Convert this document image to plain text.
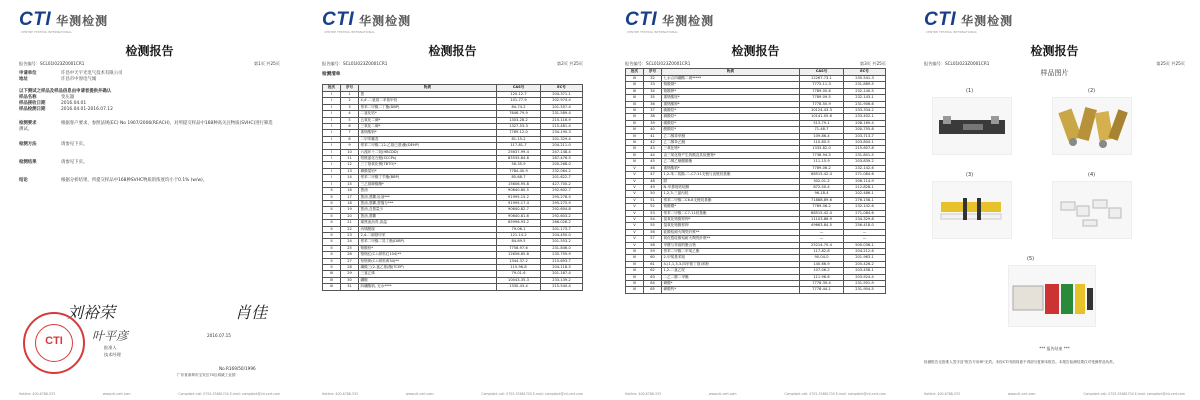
CTI 华测检测
CENTRE TESTING INTERNATIONAL
检测报告
报告编号：SCL01I023Z0001CR1	第1页 共25页
申请单位	许昌中天宇光电气技术有限公司
地址	许昌市中原电气城
以下测试之样品及样品信息由申请者提供并确认
样品名称	变压器
样品接收日期	2016.04.01
样品检测日期	2016.04.01-2016.07.12
检测要求	根据客户要求，参照法规(EC) No 1907/2006(REACH)，对所提交样品中168种高关注物质(SVHC)进行筛选测试。
检测方法	请参见下页。
检测结果	请参见下页。
结论	根据分析结果，所提交样品中168种SVHC物质的浓度均小于0.1% (w/w)。
刘裕荣	肖佳
CTI	叶平彦	2016.07.15
批准人
技术经理
No.R169/50/1996
广东省深圳市宝安区70区鸿威工业园
Hotline: 400-6788-333	www.cti-cert.com	Complaint call: 0755-33681700 E-mail: complaint@cti-cert.com
CTI 华测检测
CENTRE TESTING INTERNATIONAL
检测报告
报告编号：SCL01I023Z0001CR1	第2页 共25页
检测清单
批次	序号	物质	CAS号	EC号
I	1	蒽	120-12-7	204-371-1
I	2	4,4'-二氨基二苯基甲烷	101-77-9	202-974-4
I	3	邻苯二甲酸二丁酯(DBP)	84-74-2	201-557-4
I	4	二氯化钴*	7646-79-9	231-589-4
I	5	五氧化二砷*	1303-28-2	215-116-9
I	6	三氧化二砷*	1327-53-3	215-481-4
I	7	重铬酸钠*	7789-12-0	234-190-3
I	8	二甲苯麝香	81-15-2	201-329-4
I	9	邻苯二甲酸二(2-乙基己基)酯(DEHP)	117-81-7	204-211-0
I	10	六溴环十二烷(HBCDD)	25637-99-4	247-148-4
I	11	短链氯化石蜡(SCCPs)	85535-84-8	287-476-5
I	12	三丁基氧化锡(TBTO)*	56-35-9	200-268-0
I	13	砷酸氢铅*	7784-40-9	232-064-2
I	14	邻苯二甲酸丁苄酯(BBP)	85-68-7	201-622-7
I	15	三乙基砷酸酯*	15606-95-8	427-700-2
II	16	蒽油	90640-80-5	292-602-7
II	17	蒽油,蒽糊,轻油***	91995-15-2	295-278-5
II	18	蒽油,蒽糊,蒽馏分***	91995-17-4	295-275-9
II	19	蒽油,含蒽量少	90640-82-7	292-604-8
II	20	蒽油,蒽糊	90640-81-6	292-603-2
II	21	煤焦油沥青,高温	65996-93-2	266-028-2
II	22	丙烯酰胺	79-06-1	201-173-7
II	23	2,4-二硝基甲苯	121-14-2	204-450-0
II	24	邻苯二甲酸二异丁酯(DIBP)	84-69-5	201-553-2
II	25	铬酸铅*	7758-97-6	231-846-0
II	26	钼铬红(C.I.颜料红104)**	12656-85-8	235-759-9
II	27	铅铬黄(C.I.颜料黄34)**	1344-37-2	215-693-7
II	28	磷酸三(2-氯乙基)酯(TCEP)	115-96-8	204-118-5
III	29	三氯乙烯	79-01-6	201-167-4
III	30	硼酸	10043-35-3	233-139-2
III	31	四硼酸钠, 无水****	1330-43-4	215-540-4
Hotline: 400-6788-333	www.cti-cert.com	Complaint call: 0755-33681700 E-mail: complaint@cti-cert.com
CTI 华测检测
CENTRE TESTING INTERNATIONAL
检测报告
报告编号：SCL01I023Z0001CR1	第3页 共25页
批次	序号	物质	CAS号	EC号
III	32	七水合四硼酸二钠*****	12267-73-1	235-541-3
III	33	铬酸钠*	7775-11-3	231-889-5
III	34	铬酸钾*	7789-00-6	232-140-5
III	35	重铬酸铵*	7789-09-5	232-143-1
III	36	重铬酸钾*	7778-50-9	231-906-6
IV	37	硫酸钴*	10124-43-3	233-334-2
IV	38	硝酸钴*	10141-05-6	233-402-1
IV	39	碳酸钴*	513-79-1	208-169-4
IV	40	醋酸钴*	71-48-7	200-755-8
IV	41	乙二醇单甲醚	109-86-4	203-713-7
IV	42	乙二醇单乙醚	110-80-5	203-804-1
IV	43	三氧化铬*	1333-82-0	215-607-8
IV	44	由三氧化铬产生的酸及其低聚物*	7738-94-5	231-801-5
IV	45	乙二醇乙醚醋酸酯	111-15-9	203-839-2
V	46	重铬酸钠*	7789-06-2	232-142-6
V	47	1,2-苯二羧酸-二-C7-11支链与直链烷基酯	68515-42-4	271-084-6
V	48	肼	302-01-2	206-114-9
V	49	N-甲基吡咯烷酮	872-50-4	212-828-1
V	50	1,2,3-三氯丙烷	96-18-4	202-486-1
V	51	邻苯二甲酸二C6-8支链烷基酯	71888-89-6	276-158-1
V	52	铬酸锶*	7789-06-2	232-142-6
V	53	邻苯二甲酸二C7-11烷基酯	68515-42-4	271-084-6
V	54	氢氧化铬酸锌钾*	11103-86-9	234-329-8
V	55	氢氧化铬酸锌钾	49663-84-5	256-418-0
V	56	硅酸铝耐火陶瓷纤维**	—	—
V	57	氧化锆硅酸铝耐火陶瓷纤维**	—	—
V	58	甲醛与苯胺的聚合物	25214-70-4	500-036-1
VI	59	邻苯二甲酸二甲氧乙酯	117-82-8	204-212-6
VI	60	2-甲氧基苯胺	90-04-0	201-963-1
VI	61	4-(1,1,3,3-四甲基丁基)苯酚	140-66-9	205-426-2
VI	62	1,2-二氯乙烷	107-06-2	203-458-1
VI	63	二乙二醇二甲醚	111-96-6	203-924-4
VI	64	砷酸*	7778-39-4	231-901-9
VI	65	砷酸钙*	7778-44-1	231-904-5
Hotline: 400-6788-333	www.cti-cert.com	Complaint call: 0755-33681700 E-mail: complaint@cti-cert.com
CTI 华测检测
CENTRE TESTING INTERNATIONAL
检测报告
报告编号：SCL01I023Z0001CR1	第25页 共25页
样品图片
(1)	(2)
(3)	(4)
(5)
*** 报告结束 ***
检测报告无批准人签字及"报告专用章"无效。未经CTI书面同意不得部分复制本报告。本报告检测结果仅对受测样品负责。
Hotline: 400-6788-333	www.cti-cert.com	Complaint call: 0755-33681700 E-mail: complaint@cti-cert.com
